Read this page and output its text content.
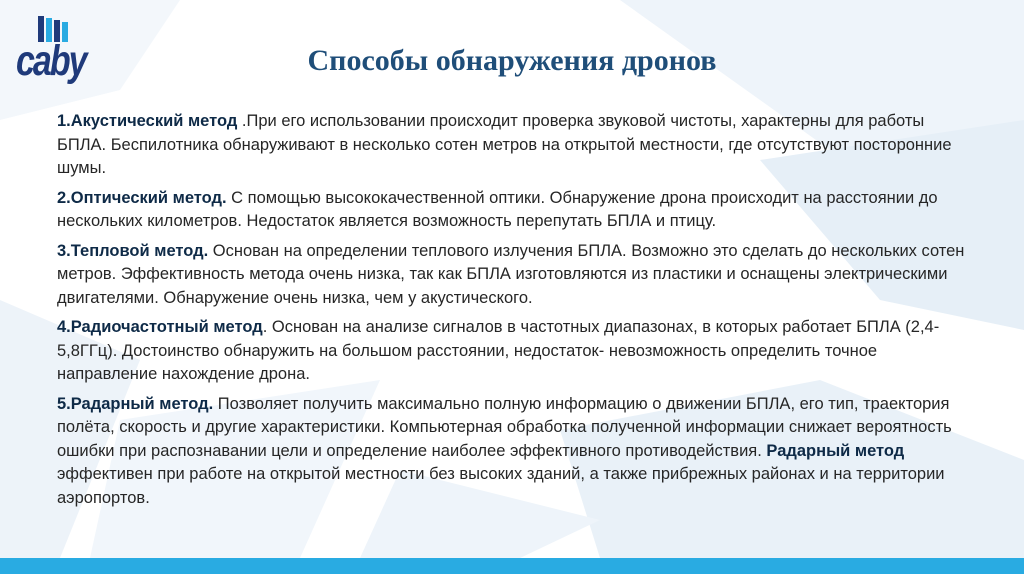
caby	Способы обнаружения дронов

1.Акустический метод .При его использовании происходит проверка звуковой чистоты, характерны для работы БПЛА. Беспилотника обнаруживают в несколько сотен метров на открытой местности, где отсутствуют посторонние шумы.

2.Оптический метод. С помощью высококачественной оптики. Обнаружение дрона происходит на расстоянии до нескольких километров. Недостаток является возможность перепутать БПЛА и птицу.

3.Тепловой метод. Основан на определении теплового излучения БПЛА. Возможно это сделать до нескольких сотен метров. Эффективность метода очень низка, так как БПЛА изготовляются из пластики и оснащены электрическими двигателями. Обнаружение очень низка, чем у акустического.

4.Радиочастотный метод. Основан на анализе сигналов в частотных диапазонах, в которых работает БПЛА (2,4-5,8ГГц). Достоинство обнаружить на большом расстоянии, недостаток- невозможность определить точное направление нахождение дрона.

5.Радарный метод. Позволяет получить максимально полную информацию о движении БПЛА, его тип, траектория полёта, скорость и другие характеристики. Компьютерная обработка полученной информации снижает вероятность ошибки при распознавании цели и определение наиболее эффективного противодействия. Радарный метод эффективен при работе на открытой местности без высоких зданий, а также прибрежных районах и на территории аэропортов.
